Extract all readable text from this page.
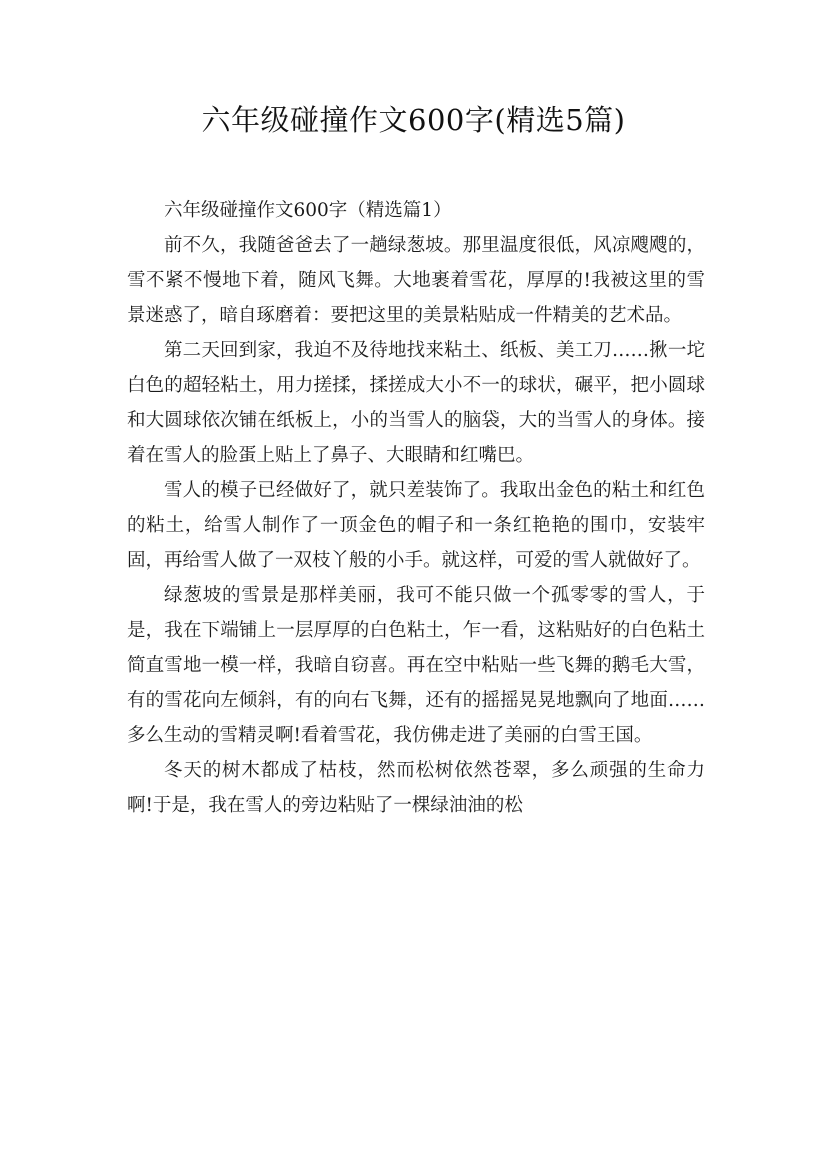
六年级碰撞作文600字(精选5篇)

六年级碰撞作文600字（精选篇1）

前不久，我随爸爸去了一趟绿葱坡。那里温度很低，风凉飕飕的，雪不紧不慢地下着，随风飞舞。大地裹着雪花，厚厚的!我被这里的雪景迷惑了，暗自琢磨着：要把这里的美景粘贴成一件精美的艺术品。

第二天回到家，我迫不及待地找来粘土、纸板、美工刀……揪一坨白色的超轻粘土，用力搓揉，揉搓成大小不一的球状，碾平，把小圆球和大圆球依次铺在纸板上，小的当雪人的脑袋，大的当雪人的身体。接着在雪人的脸蛋上贴上了鼻子、大眼睛和红嘴巴。

雪人的模子已经做好了，就只差装饰了。我取出金色的粘土和红色的粘土，给雪人制作了一顶金色的帽子和一条红艳艳的围巾，安装牢固，再给雪人做了一双枝丫般的小手。就这样，可爱的雪人就做好了。

绿葱坡的雪景是那样美丽，我可不能只做一个孤零零的雪人，于是，我在下端铺上一层厚厚的白色粘土，乍一看，这粘贴好的白色粘土简直雪地一模一样，我暗自窃喜。再在空中粘贴一些飞舞的鹅毛大雪，有的雪花向左倾斜，有的向右飞舞，还有的摇摇晃晃地飘向了地面……多么生动的雪精灵啊!看着雪花，我仿佛走进了美丽的白雪王国。

冬天的树木都成了枯枝，然而松树依然苍翠，多么顽强的生命力啊!于是，我在雪人的旁边粘贴了一棵绿油油的松
